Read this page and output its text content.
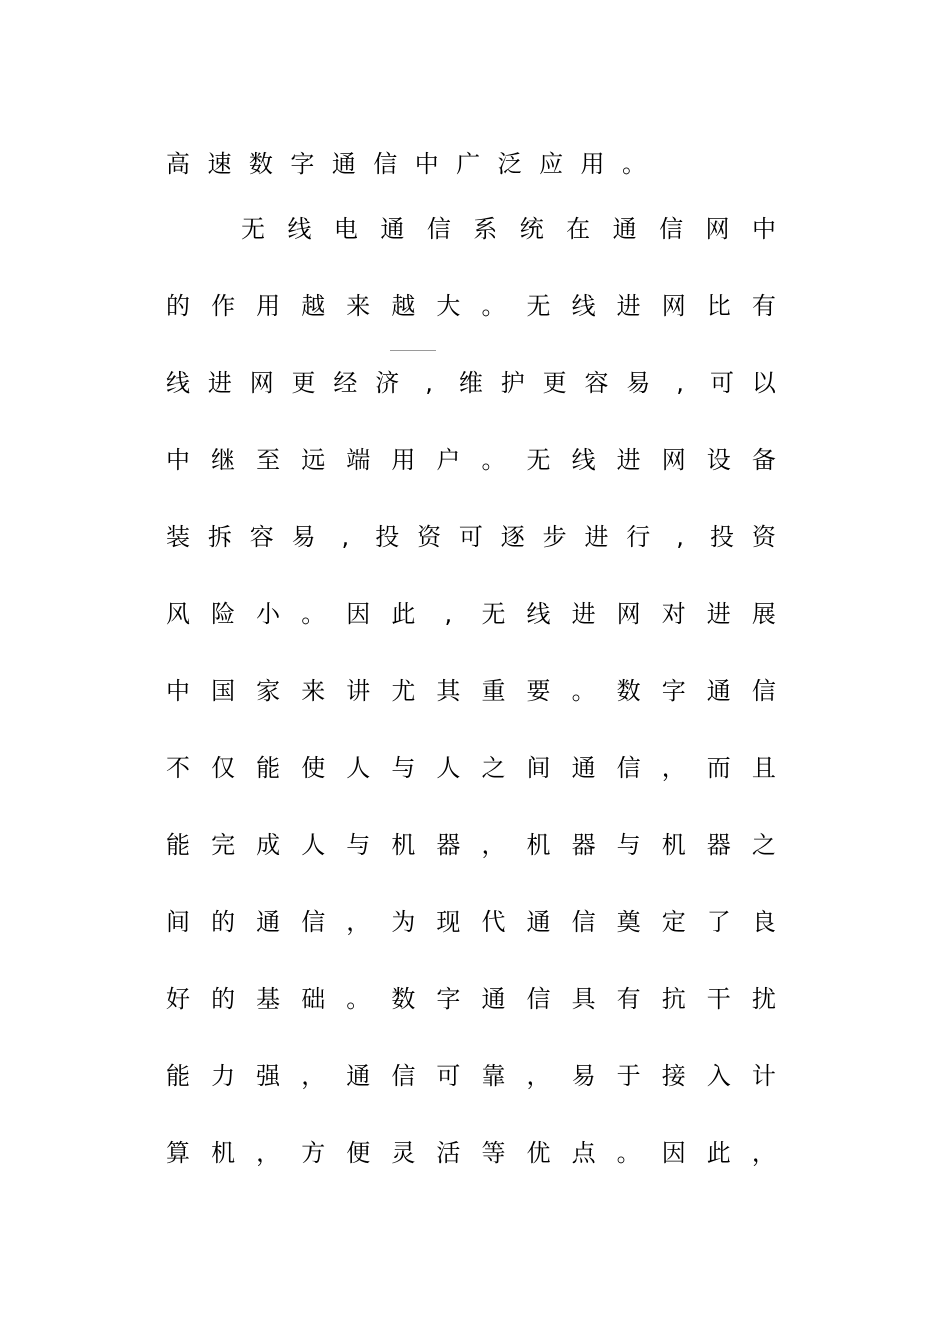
高 速 数 字 通 信 中 广 泛 应 用 。
无 线 电 通 信 系 统 在 通 信 网 中
的 作 用 越 来 越 大 。 无 线 进 网 比 有
线 进 网 更 经 济	,	维 护 更 容 易	,	可 以
中 继 至 远 端 用 户 。 无 线 进 网 设 备
装 拆 容 易	,	投 资 可 逐 步 进 行	,	投 资
风 险 小 。 因 此	,	无 线 进 网 对 进 展
中 国 家 来 讲 尤 其 重 要 。 数 字 通 信
不 仅 能 使 人 与 人 之 间 通 信 ， 而 且
能 完 成 人 与 机 器 ， 机 器 与 机 器 之
间 的 通 信 ， 为 现 代 通 信 奠 定 了 良
好 的 基 础 。 数 字 通 信 具 有 抗 干 扰
能 力 强 ， 通 信 可 靠 ， 易 于 接 入 计
算 机 ， 方 便 灵 活 等 优 点 。 因 此 ，
